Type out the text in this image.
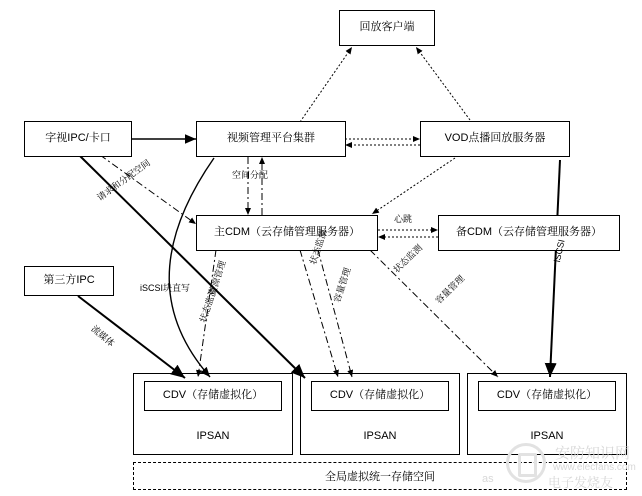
回放客户端
字视IPC/卡口	视频管理平台集群	VOD点播回放服务器
主CDM（云存储管理服务器）	备CDM（云存储管理服务器）
第三方IPC
CDV（存储虚拟化）
IPSAN
CDV（存储虚拟化）
IPSAN
CDV（存储虚拟化）
IPSAN
全局虚拟统一存储空间
请求和分配空间	空间分配
心跳
iSCSI块直写
流媒体
资源管理
状态监测
状态监测
容量管理
状态监测
容量管理
iSCSI
安防知识网
www.elecfans.com
as	电子发烧友
